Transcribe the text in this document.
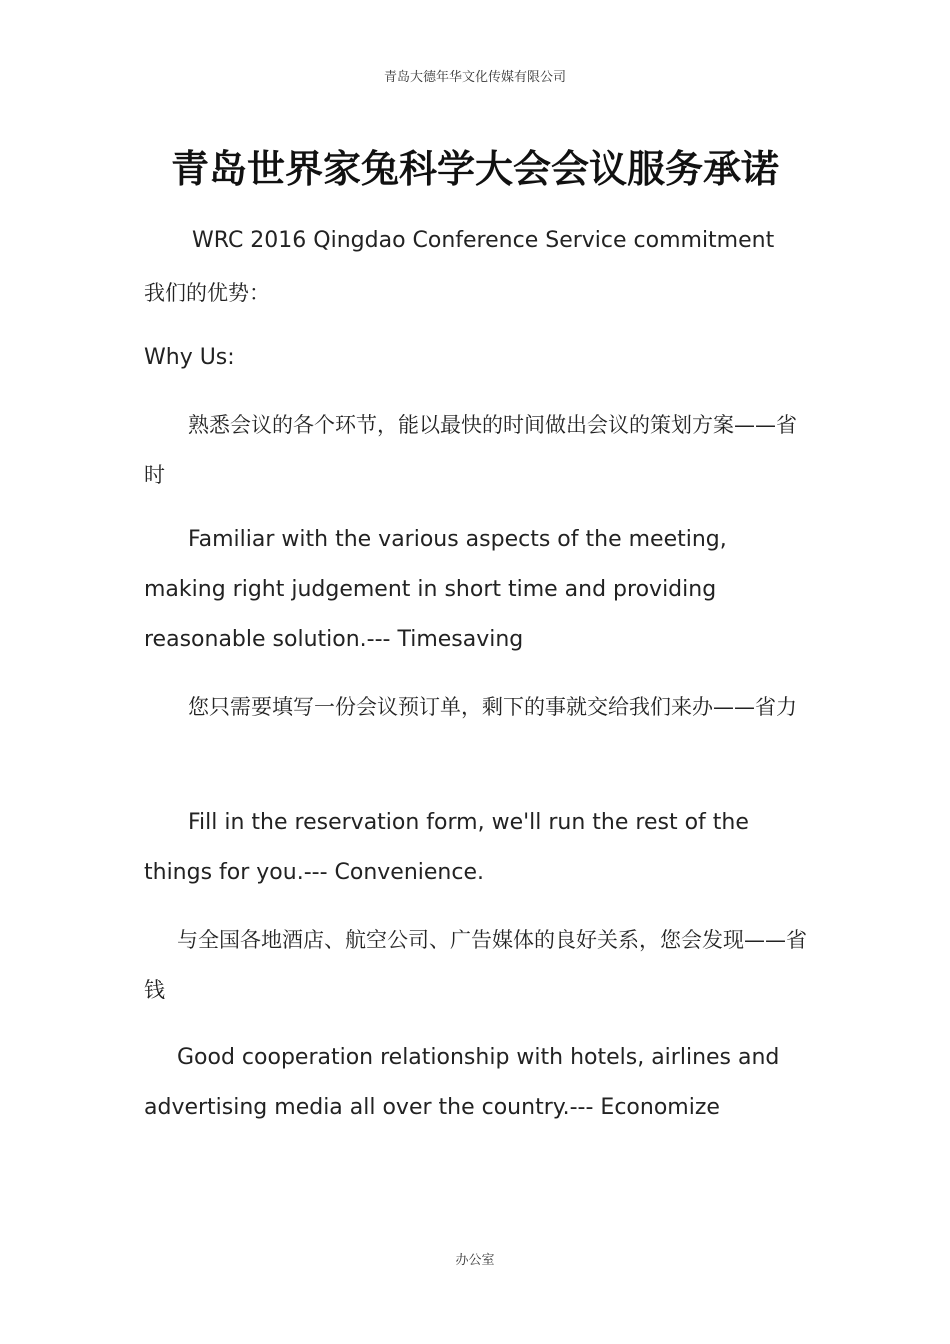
青岛大德年华文化传媒有限公司
青岛世界家兔科学大会会议服务承诺
WRC 2016 Qingdao Conference Service commitment
我们的优势：
Why Us:
熟悉会议的各个环节，能以最快的时间做出会议的策划方案——省时
Familiar with the various aspects of the meeting, making right judgement in short time and providing reasonable solution.--- Timesaving
您只需要填写一份会议预订单，剩下的事就交给我们来办——省力
Fill in the reservation form, we'll run the rest of the things for you.--- Convenience.
与全国各地酒店、航空公司、广告媒体的良好关系，您会发现——省钱
Good cooperation relationship with hotels, airlines and advertising media all over the country.--- Economize
办公室
